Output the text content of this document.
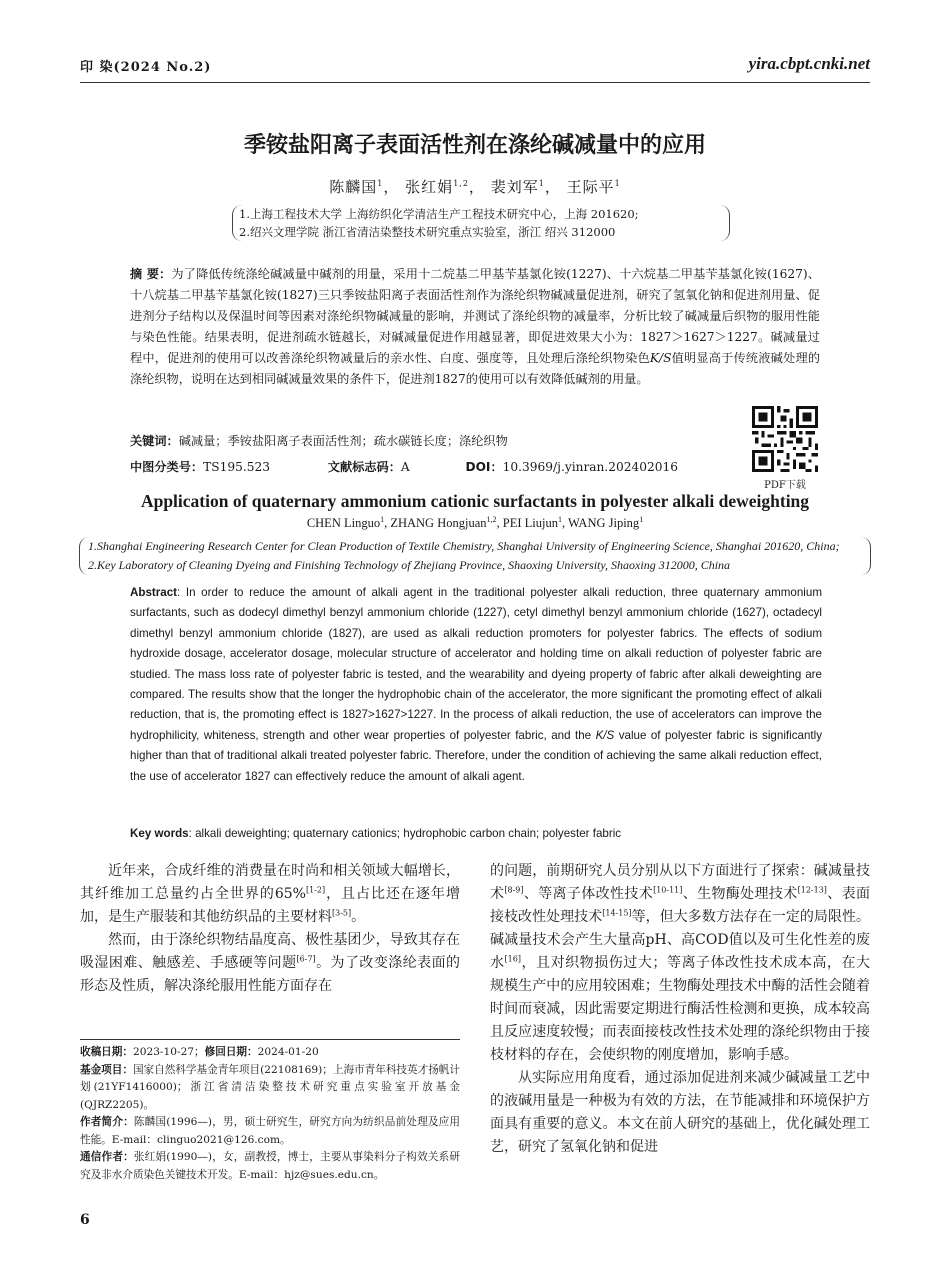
印 染(2024 No.2)	yira.cbpt.cnki.net
季铵盐阳离子表面活性剂在涤纶碱减量中的应用
陈麟国$^1$， 张红娟$^{1,2}$， 裴刘军$^1$， 王际平$^1$
1.上海工程技术大学 上海纺织化学清洁生产工程技术研究中心，上海 201620;
2.绍兴文理学院 浙江省清洁染整技术研究重点实验室，浙江 绍兴 312000
摘 要：为了降低传统涤纶碱减量中碱剂的用量，采用十二烷基二甲基苄基氯化铵(1227)、十六烷基二甲基苄基氯化铵(1627)、十八烷基二甲基苄基氯化铵(1827)三只季铵盐阳离子表面活性剂作为涤纶织物碱减量促进剂，研究了氢氧化钠和促进剂用量、促进剂分子结构以及保温时间等因素对涤纶织物碱减量的影响，并测试了涤纶织物的减量率，分析比较了碱减量后织物的服用性能与染色性能。结果表明，促进剂疏水链越长，对碱减量促进作用越显著，即促进效果大小为：1827＞1627＞1227。碱减量过程中，促进剂的使用可以改善涤纶织物减量后的亲水性、白度、强度等，且处理后涤纶织物染色K/S值明显高于传统液碱处理的涤纶织物，说明在达到相同碱减量效果的条件下，促进剂1827的使用可以有效降低碱剂的用量。
关键词：碱减量；季铵盐阳离子表面活性剂；疏水碳链长度；涤纶织物
中图分类号：TS195.523	文献标志码：A	DOI：10.3969/j.yinran.202402016
PDF下载
Application of quaternary ammonium cationic surfactants in polyester alkali deweighting
CHEN Linguo$^1$, ZHANG Hongjuan$^{1,2}$, PEI Liujun$^1$, WANG Jiping$^1$
1.Shanghai Engineering Research Center for Clean Production of Textile Chemistry, Shanghai University of Engineering Science, Shanghai 201620, China; 2.Key Laboratory of Cleaning Dyeing and Finishing Technology of Zhejiang Province, Shaoxing University, Shaoxing 312000, China
Abstract: In order to reduce the amount of alkali agent in the traditional polyester alkali reduction, three quaternary ammonium surfactants, such as dodecyl dimethyl benzyl ammonium chloride (1227), cetyl dimethyl benzyl ammonium chloride (1627), octadecyl dimethyl benzyl ammonium chloride (1827), are used as alkali reduction promoters for polyester fabrics. The effects of sodium hydroxide dosage, accelerator dosage, molecular structure of accelerator and holding time on alkali reduction of polyester fabric are studied. The mass loss rate of polyester fabric is tested, and the wearability and dyeing property of fabric after alkali deweighting are compared. The results show that the longer the hydrophobic chain of the accelerator, the more significant the promoting effect of alkali reduction, that is, the promoting effect is 1827>1627>1227. In the process of alkali reduction, the use of accelerators can improve the hydrophilicity, whiteness, strength and other wear properties of polyester fabric, and the K/S value of polyester fabric is significantly higher than that of traditional alkali treated polyester fabric. Therefore, under the condition of achieving the same alkali reduction effect, the use of accelerator 1827 can effectively reduce the amount of alkali agent.
Key words: alkali deweighting; quaternary cationics; hydrophobic carbon chain; polyester fabric

近年来，合成纤维的消费量在时尚和相关领域大幅增长，其纤维加工总量约占全世界的65%[1-2]，且占比还在逐年增加，是生产服装和其他纺织品的主要材料[3-5]。

然而，由于涤纶织物结晶度高、极性基团少，导致其存在吸湿困难、触感差、手感硬等问题[6-7]。为了改变涤纶表面的形态及性质，解决涤纶服用性能方面存在

收稿日期：2023-10-27；修回日期：2024-01-20

基金项目：国家自然科学基金青年项目(22108169)；上海市青年科技英才扬帆计划(21YF1416000)；浙江省清洁染整技术研究重点实验室开放基金(QJRZ2205)。

作者简介：陈麟国(1996—)，男，硕士研究生，研究方向为纺织品前处理及应用性能。E-mail：clinguo2021@126.com。

通信作者：张红娟(1990—)，女，副教授，博士，主要从事染料分子构效关系研究及非水介质染色关键技术开发。E-mail：hjz@sues.edu.cn。

的问题，前期研究人员分别从以下方面进行了探索：碱减量技术[8-9]、等离子体改性技术[10-11]、生物酶处理技术[12-13]、表面接枝改性处理技术[14-15]等，但大多数方法存在一定的局限性。碱减量技术会产生大量高pH、高COD值以及可生化性差的废水[16]，且对织物损伤过大；等离子体改性技术成本高，在大规模生产中的应用较困难；生物酶处理技术中酶的活性会随着时间而衰减，因此需要定期进行酶活性检测和更换，成本较高且反应速度较慢；而表面接枝改性技术处理的涤纶织物由于接枝材料的存在，会使织物的刚度增加，影响手感。

从实际应用角度看，通过添加促进剂来减少碱减量工艺中的液碱用量是一种极为有效的方法，在节能减排和环境保护方面具有重要的意义。本文在前人研究的基础上，优化碱处理工艺，研究了氢氧化钠和促进

6
